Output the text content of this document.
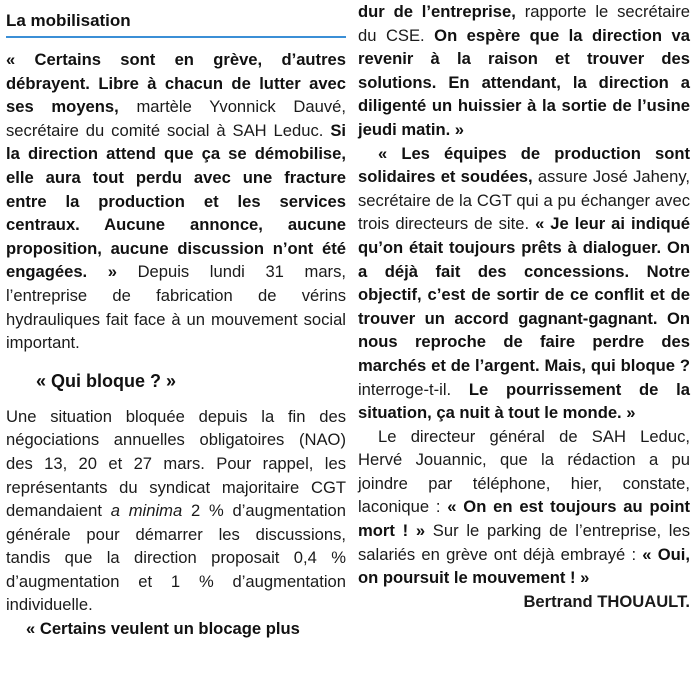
La mobilisation

« Certains sont en grève, d’autres débrayent. Libre à chacun de lutter avec ses moyens, martèle Yvonnick Dauvé, secrétaire du comité social à SAH Leduc. Si la direction attend que ça se démobilise, elle aura tout perdu avec une fracture entre la production et les services centraux. Aucune annonce, aucune proposition, aucune discussion n’ont été engagées. » Depuis lundi 31 mars, l’entreprise de fabrication de vérins hydrauliques fait face à un mouvement social important.

« Qui bloque ? »

Une situation bloquée depuis la fin des négociations annuelles obligatoires (NAO) des 13, 20 et 27 mars. Pour rappel, les représentants du syndicat majoritaire CGT demandaient a minima 2 % d’augmentation générale pour démarrer les discussions, tandis que la direction proposait 0,4 % d’augmentation et 1 % d’augmentation individuelle.

« Certains veulent un blocage plus

dur de l’entreprise, rapporte le secrétaire du CSE. On espère que la direction va revenir à la raison et trouver des solutions. En attendant, la direction a diligenté un huissier à la sortie de l’usine jeudi matin. »

« Les équipes de production sont solidaires et soudées, assure José Jaheny, secrétaire de la CGT qui a pu échanger avec trois directeurs de site. « Je leur ai indiqué qu’on était toujours prêts à dialoguer. On a déjà fait des concessions. Notre objectif, c’est de sortir de ce conflit et de trouver un accord gagnant-gagnant. On nous reproche de faire perdre des marchés et de l’argent. Mais, qui bloque ? interroge-t-il. Le pourrissement de la situation, ça nuit à tout le monde. »

Le directeur général de SAH Leduc, Hervé Jouannic, que la rédaction a pu joindre par téléphone, hier, constate, laconique : « On en est toujours au point mort ! » Sur le parking de l’entreprise, les salariés en grève ont déjà embrayé : « Oui, on poursuit le mouvement ! »

Bertrand THOUAULT.
